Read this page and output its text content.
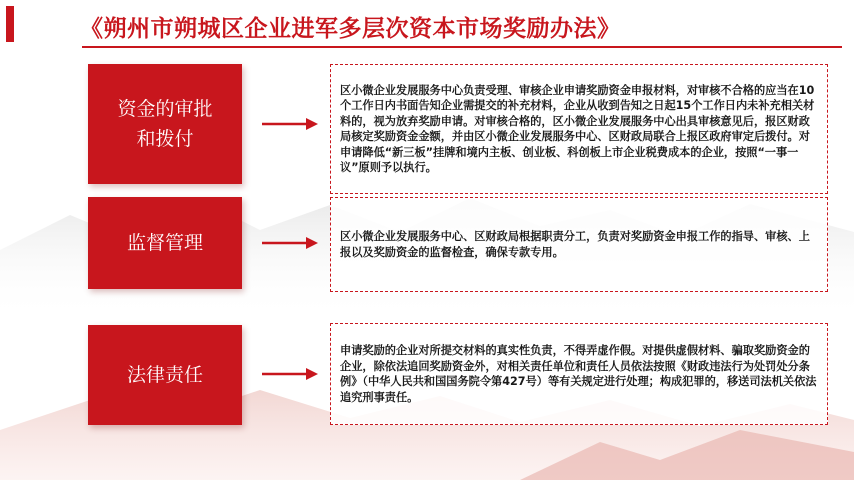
《朔州市朔城区企业进军多层次资本市场奖励办法》
资金的审批和拨付
区小微企业发展服务中心负责受理、审核企业申请奖励资金申报材料，对审核不合格的应当在10个工作日内书面告知企业需提交的补充材料，企业从收到告知之日起15个工作日内未补充相关材料的，视为放弃奖励申请。对审核合格的，区小微企业发展服务中心出具审核意见后，报区财政局核定奖励资金金额，并由区小微企业发展服务中心、区财政局联合上报区政府审定后拨付。对申请降低“新三板”挂牌和境内主板、创业板、科创板上市企业税费成本的企业，按照“一事一议”原则予以执行。
监督管理	区小微企业发展服务中心、区财政局根据职责分工，负责对奖励资金申报工作的指导、审核、上报以及奖励资金的监督检查，确保专款专用。
法律责任
申请奖励的企业对所提交材料的真实性负责，不得弄虚作假。对提供虚假材料、骗取奖励资金的企业，除依法追回奖励资金外，对相关责任单位和责任人员依法按照《财政违法行为处罚处分条例》（中华人民共和国国务院令第427号）等有关规定进行处理；构成犯罪的，移送司法机关依法追究刑事责任。
